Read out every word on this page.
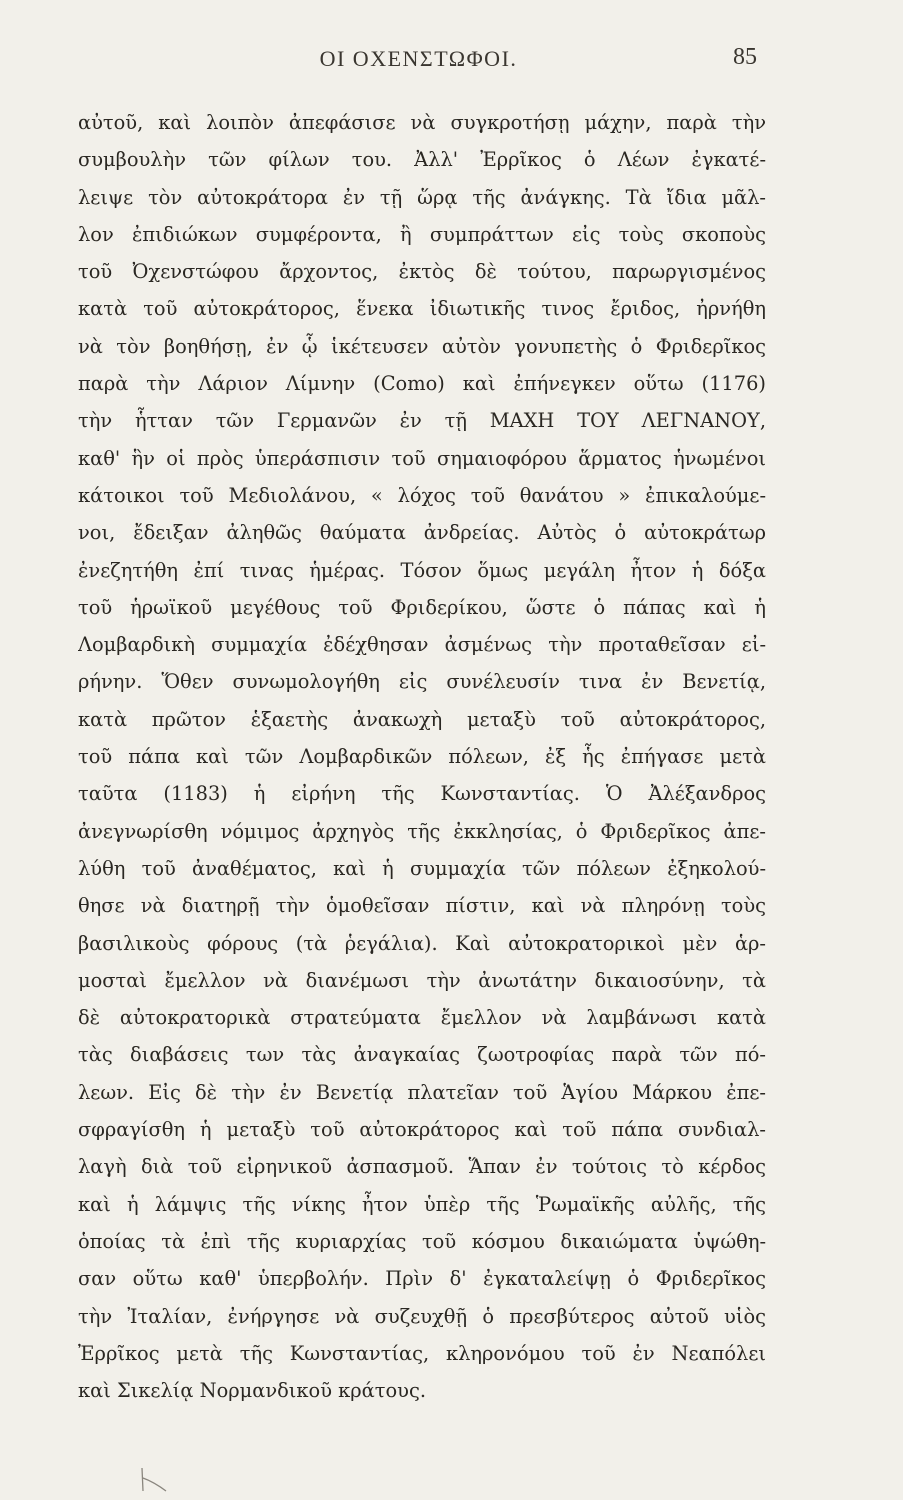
ΟΙ ΟΧΕΝΣΤΩΦΟΙ.	85
αὐτοῦ, καὶ λοιπὸν ἀπεφάσισε νὰ συγκροτήσῃ μάχην, παρὰ τὴν
συμβουλὴν τῶν φίλων του. Ἀλλ' Ἐρρῖκος ὁ Λέων ἐγκατέ-
λειψε τὸν αὐτοκράτορα ἐν τῇ ὥρᾳ τῆς ἀνάγκης. Τὰ ἴδια μᾶλ-
λον ἐπιδιώκων συμφέροντα, ἢ συμπράττων εἰς τοὺς σκοποὺς
τοῦ Ὀχενστώφου ἄρχοντος, ἐκτὸς δὲ τούτου, παρωργισμένος
κατὰ τοῦ αὐτοκράτορος, ἕνεκα ἰδιωτικῆς τινος ἔριδος, ἠρνήθη
νὰ τὸν βοηθήσῃ, ἐν ᾧ ἱκέτευσεν αὐτὸν γονυπετὴς ὁ Φριδερῖκος
παρὰ τὴν Λάριον Λίμνην (Como) καὶ ἐπήνεγκεν οὕτω (1176)
τὴν ἧτταν τῶν Γερμανῶν ἐν τῇ ΜΑΧΗ ΤΟΥ ΛΕΓΝΑΝΟΥ,
καθ' ἣν οἱ πρὸς ὑπεράσπισιν τοῦ σημαιοφόρου ἅρματος ἡνωμένοι
κάτοικοι τοῦ Μεδιολάνου, « λόχος τοῦ θανάτου » ἐπικαλούμε-
νοι, ἔδειξαν ἀληθῶς θαύματα ἀνδρείας. Αὐτὸς ὁ αὐτοκράτωρ
ἐνεζητήθη ἐπί τινας ἡμέρας. Τόσον ὅμως μεγάλη ἦτον ἡ δόξα
τοῦ ἡρωϊκοῦ μεγέθους τοῦ Φριδερίκου, ὥστε ὁ πάπας καὶ ἡ
Λομβαρδικὴ συμμαχία ἐδέχθησαν ἀσμένως τὴν προταθεῖσαν εἰ-
ρήνην. Ὅθεν συνωμολογήθη εἰς συνέλευσίν τινα ἐν Βενετίᾳ,
κατὰ πρῶτον ἑξαετὴς ἀνακωχὴ μεταξὺ τοῦ αὐτοκράτορος,
τοῦ πάπα καὶ τῶν Λομβαρδικῶν πόλεων, ἐξ ἧς ἐπήγασε μετὰ
ταῦτα (1183) ἡ εἰρήνη τῆς Κωνσταντίας. Ὁ Ἀλέξανδρος
ἀνεγνωρίσθη νόμιμος ἀρχηγὸς τῆς ἐκκλησίας, ὁ Φριδερῖκος ἀπε-
λύθη τοῦ ἀναθέματος, καὶ ἡ συμμαχία τῶν πόλεων ἐξηκολού-
θησε νὰ διατηρῇ τὴν ὁμοθεῖσαν πίστιν, καὶ νὰ πληρόνῃ τοὺς
βασιλικοὺς φόρους (τὰ ῥεγάλια). Καὶ αὐτοκρατορικοὶ μὲν ἁρ-
μοσταὶ ἔμελλον νὰ διανέμωσι τὴν ἀνωτάτην δικαιοσύνην, τὰ
δὲ αὐτοκρατορικὰ στρατεύματα ἔμελλον νὰ λαμβάνωσι κατὰ
τὰς διαβάσεις των τὰς ἀναγκαίας ζωοτροφίας παρὰ τῶν πό-
λεων. Εἰς δὲ τὴν ἐν Βενετίᾳ πλατεῖαν τοῦ Ἁγίου Μάρκου ἐπε-
σφραγίσθη ἡ μεταξὺ τοῦ αὐτοκράτορος καὶ τοῦ πάπα συνδιαλ-
λαγὴ διὰ τοῦ εἰρηνικοῦ ἀσπασμοῦ. Ἅπαν ἐν τούτοις τὸ κέρδος
καὶ ἡ λάμψις τῆς νίκης ἦτον ὑπὲρ τῆς Ῥωμαϊκῆς αὐλῆς, τῆς
ὁποίας τὰ ἐπὶ τῆς κυριαρχίας τοῦ κόσμου δικαιώματα ὑψώθη-
σαν οὕτω καθ' ὑπερβολήν. Πρὶν δ' ἐγκαταλείψῃ ὁ Φριδερῖκος
τὴν Ἰταλίαν, ἐνήργησε νὰ συζευχθῇ ὁ πρεσβύτερος αὐτοῦ υἱὸς
Ἐρρῖκος μετὰ τῆς Κωνσταντίας, κληρονόμου τοῦ ἐν Νεαπόλει
καὶ Σικελίᾳ Νορμανδικοῦ κράτους.
